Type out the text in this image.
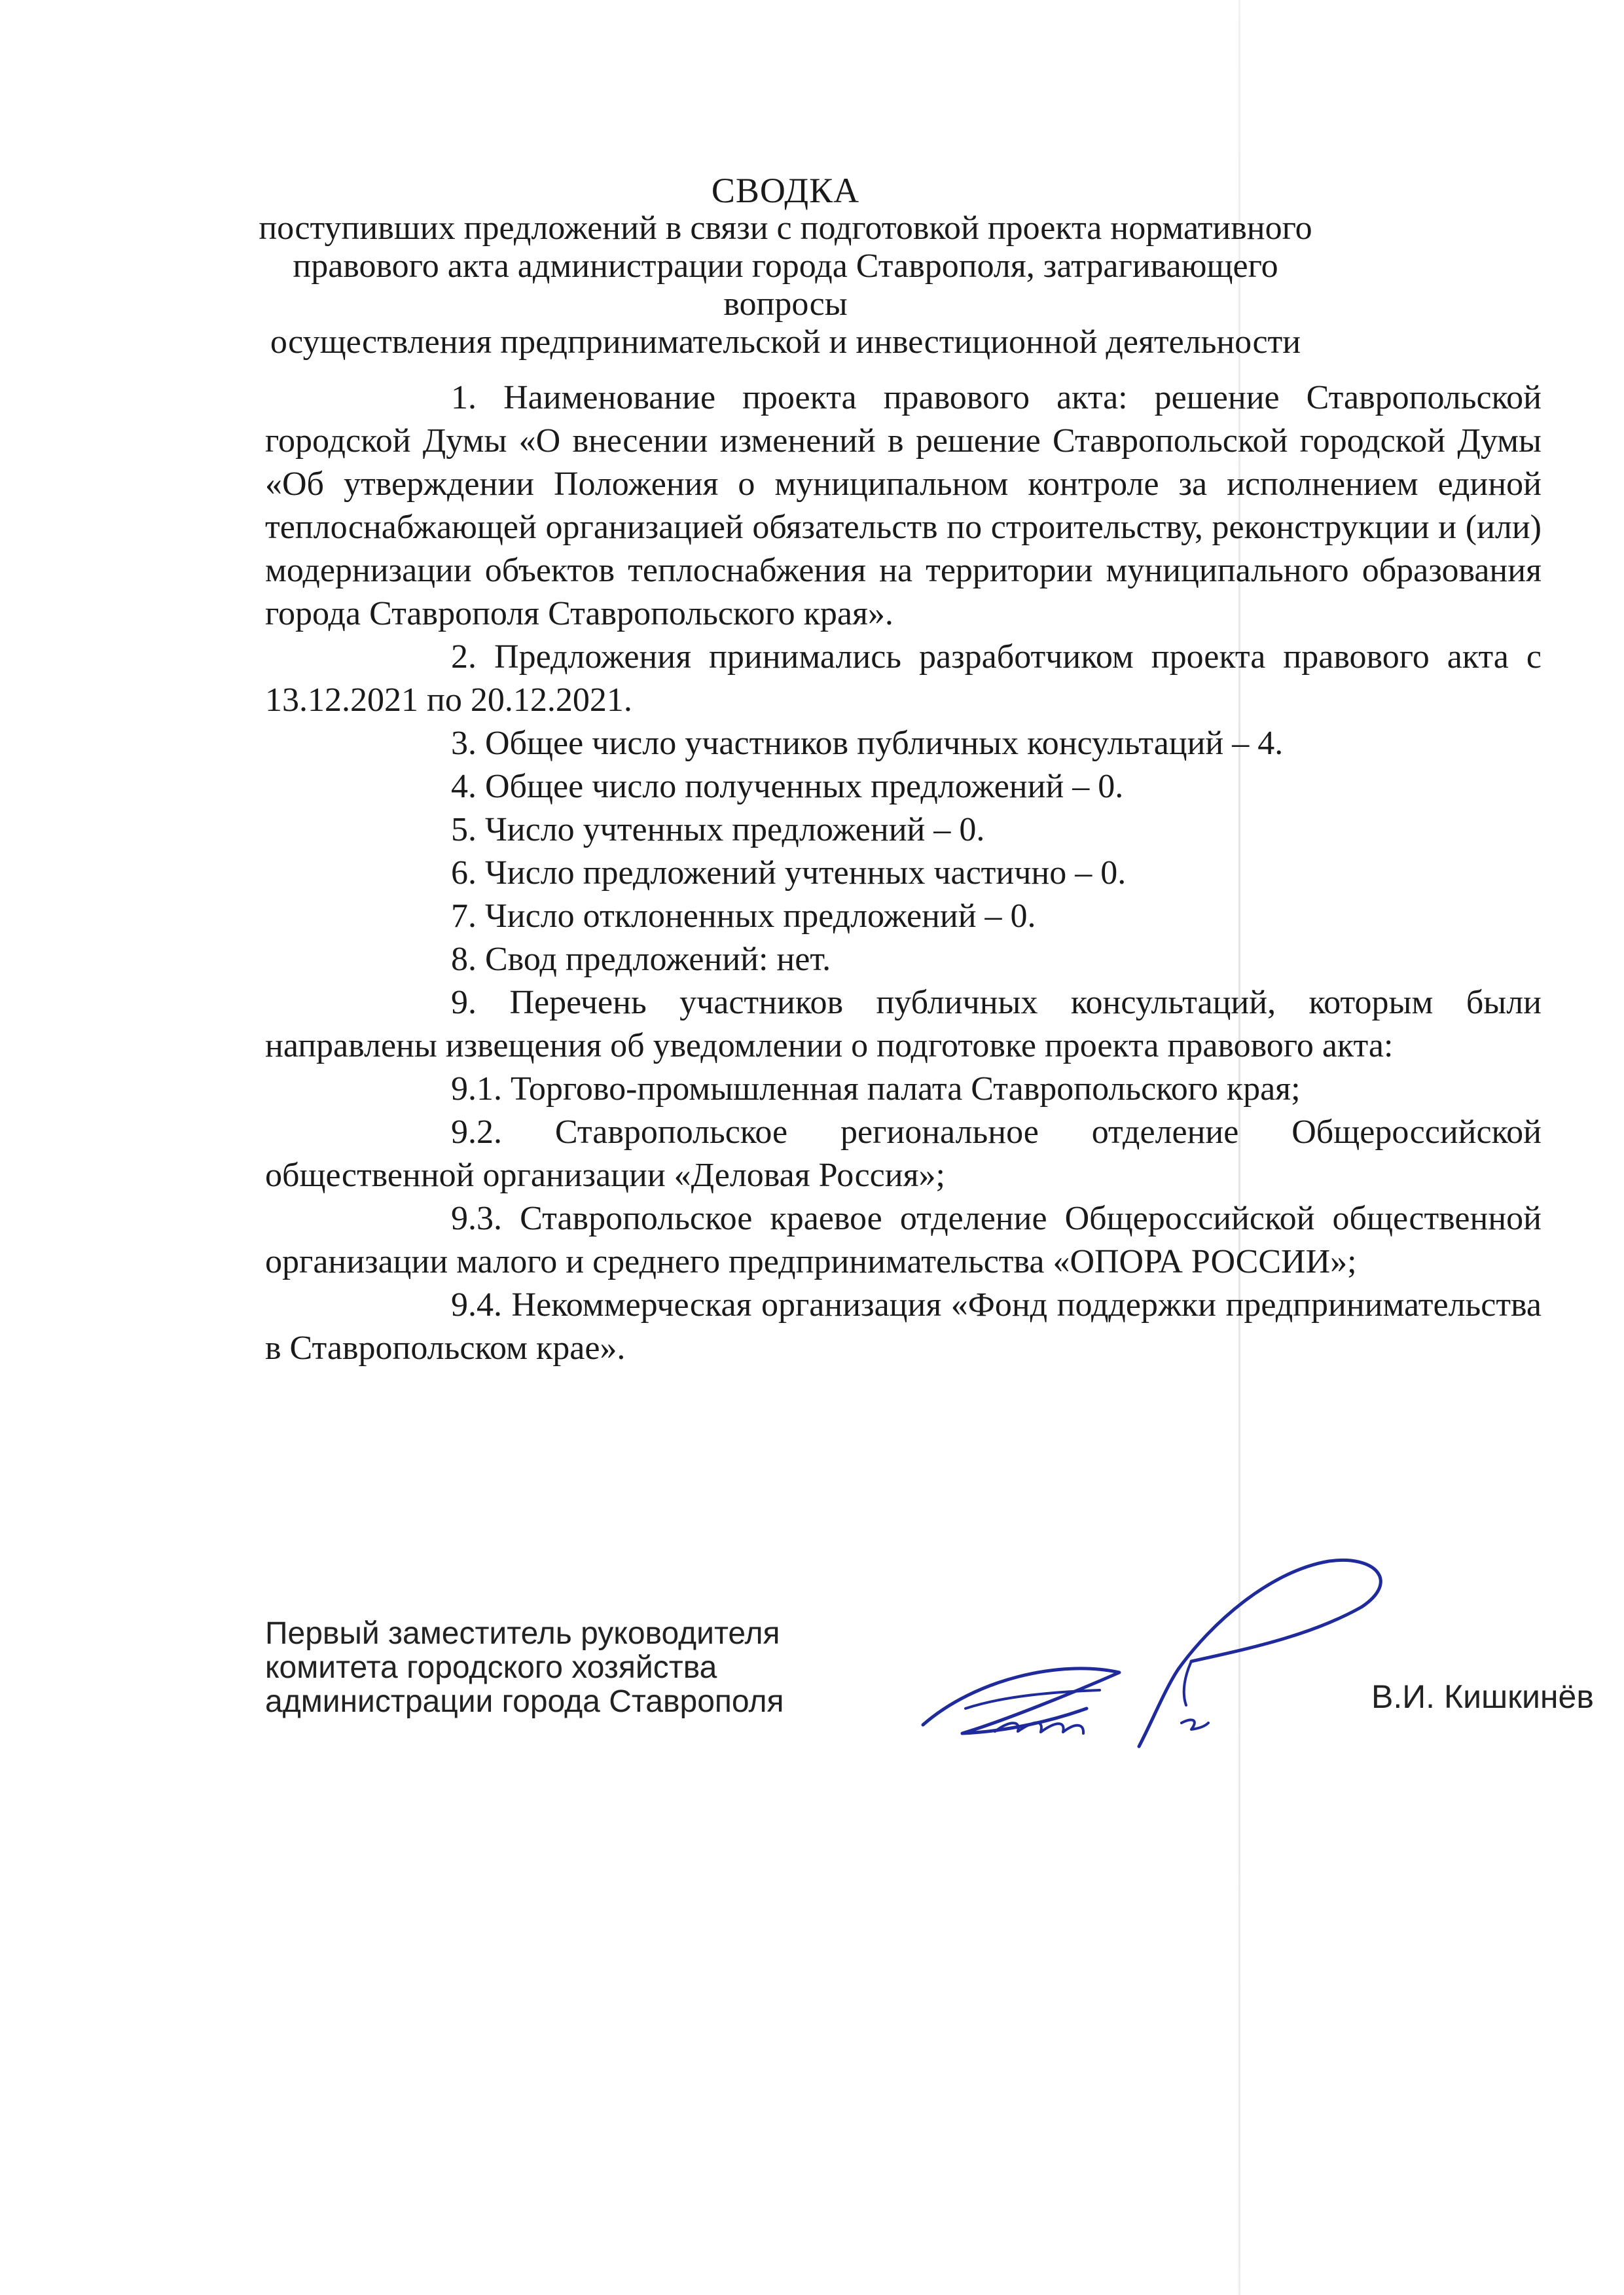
СВОДКА
поступивших предложений в связи с подготовкой проекта нормативного
правового акта администрации города Ставрополя, затрагивающего вопросы
осуществления предпринимательской и инвестиционной деятельности

1. Наименование проекта правового акта: решение Ставропольской городской Думы «О внесении изменений в решение Ставропольской городской Думы «Об утверждении Положения о муниципальном контроле за исполнением единой теплоснабжающей организацией обязательств по строительству, реконструкции и (или) модернизации объектов теплоснабжения на территории муниципального образования города Ставрополя Ставропольского края».

2. Предложения принимались разработчиком проекта правового акта с 13.12.2021 по 20.12.2021.

3. Общее число участников публичных консультаций – 4.

4. Общее число полученных предложений – 0.

5. Число учтенных предложений – 0.

6. Число предложений учтенных частично – 0.

7. Число отклоненных предложений – 0.

8. Свод предложений: нет.

9. Перечень участников публичных консультаций, которым были направлены извещения об уведомлении о подготовке проекта правового акта:

9.1. Торгово-промышленная палата Ставропольского края;

9.2. Ставропольское региональное отделение Общероссийской общественной организации «Деловая Россия»;

9.3. Ставропольское краевое отделение Общероссийской общественной организации малого и среднего предпринимательства «ОПОРА РОССИИ»;

9.4. Некоммерческая организация «Фонд поддержки предпринимательства в Ставропольском крае».

Первый заместитель руководителя
комитета городского хозяйства
администрации города Ставрополя	В.И. Кишкинёв
